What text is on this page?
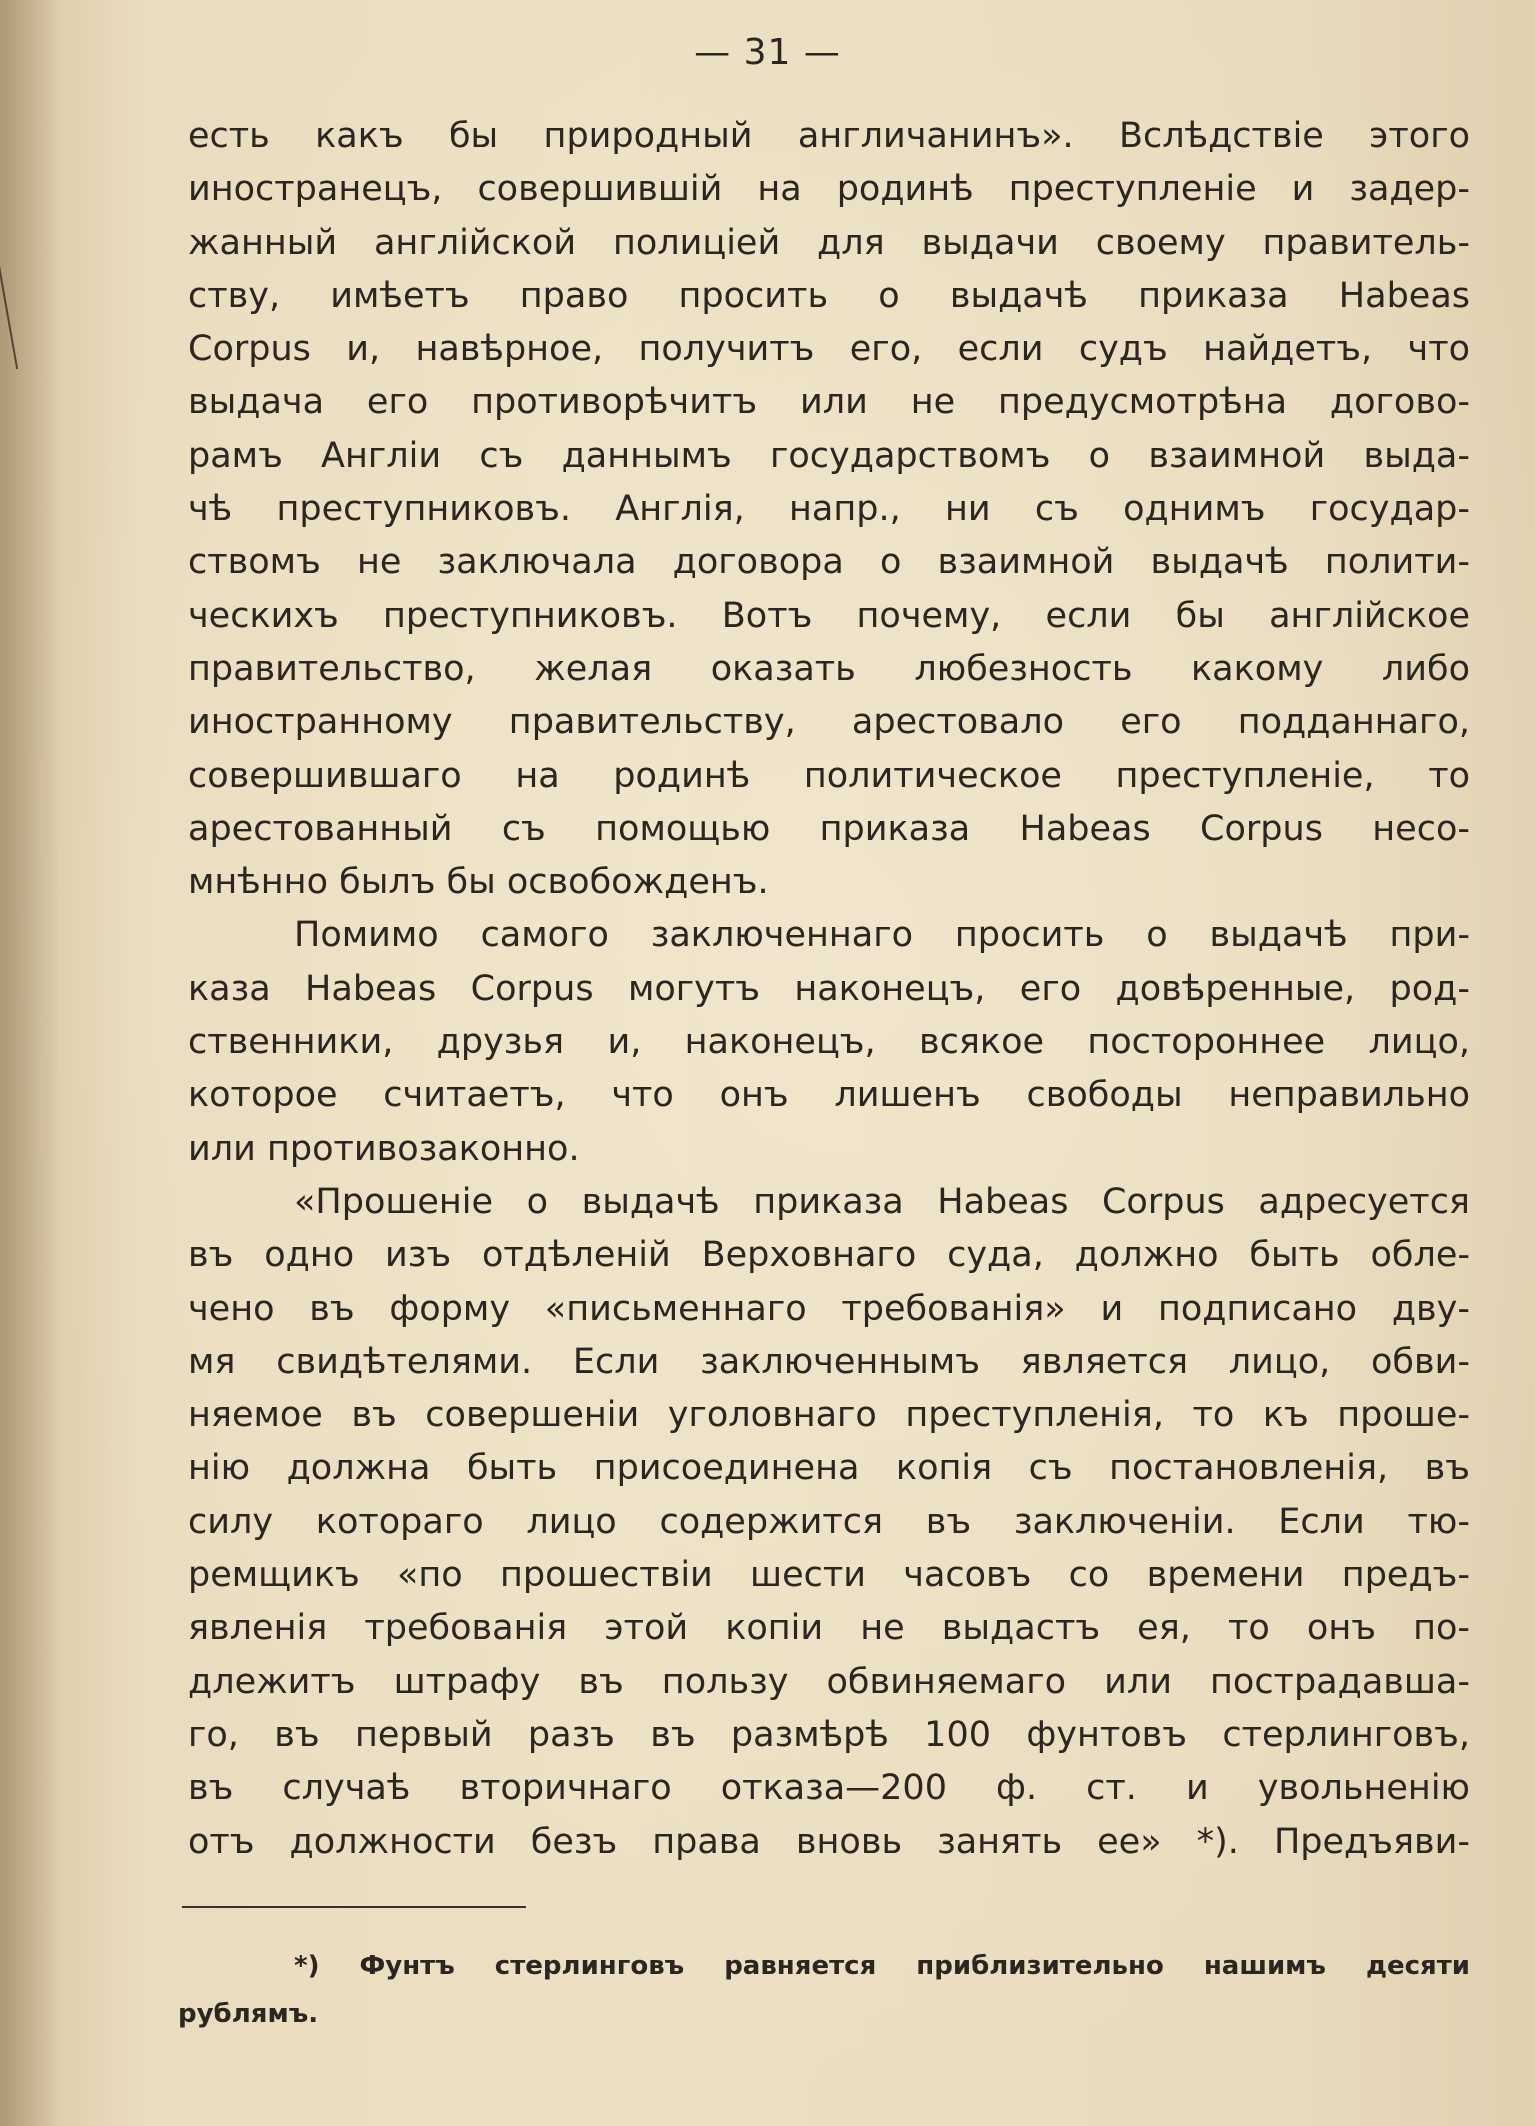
— 31 —
есть какъ бы природный англичанинъ». Вслѣдствіе этого
иностранецъ, совершившій на родинѣ преступленіе и задер-
жанный англійской полиціей для выдачи своему правитель-
ству, имѣетъ право просить о выдачѣ приказа Habeas
Corpus и, навѣрное, получитъ его, если судъ найдетъ, что
выдача его противорѣчитъ или не предусмотрѣна догово-
рамъ Англіи съ даннымъ государствомъ о взаимной выда-
чѣ преступниковъ. Англія, напр., ни съ однимъ государ-
ствомъ не заключала договора о взаимной выдачѣ полити-
ческихъ преступниковъ. Вотъ почему, если бы англійское
правительство, желая оказать любезность какому либо
иностранному правительству, арестовало его подданнаго,
совершившаго на родинѣ политическое преступленіе, то
арестованный съ помощью приказа Habeas Corpus несо-
мнѣнно былъ бы освобожденъ.
Помимо самого заключеннаго просить о выдачѣ при-
каза Habeas Corpus могутъ наконецъ, его довѣренные, род-
ственники, друзья и, наконецъ, всякое постороннее лицо,
которое считаетъ, что онъ лишенъ свободы неправильно
или противозаконно.
«Прошеніе о выдачѣ приказа Habeas Corpus адресуется
въ одно изъ отдѣленій Верховнаго суда, должно быть обле-
чено въ форму «письменнаго требованія» и подписано дву-
мя свидѣтелями. Если заключеннымъ является лицо, обви-
няемое въ совершеніи уголовнаго преступленія, то къ проше-
нію должна быть присоединена копія съ постановленія, въ
силу котораго лицо содержится въ заключеніи. Если тю-
ремщикъ «по прошествіи шести часовъ со времени предъ-
явленія требованія этой копіи не выдастъ ея, то онъ по-
длежитъ штрафу въ пользу обвиняемаго или пострадавша-
го, въ первый разъ въ размѣрѣ 100 фунтовъ стерлинговъ,
въ случаѣ вторичнаго отказа—200 ф. ст. и увольненію
отъ должности безъ права вновь занять ее» *). Предъяви-
*) Фунтъ стерлинговъ равняется приблизительно нашимъ десяти
рублямъ.
